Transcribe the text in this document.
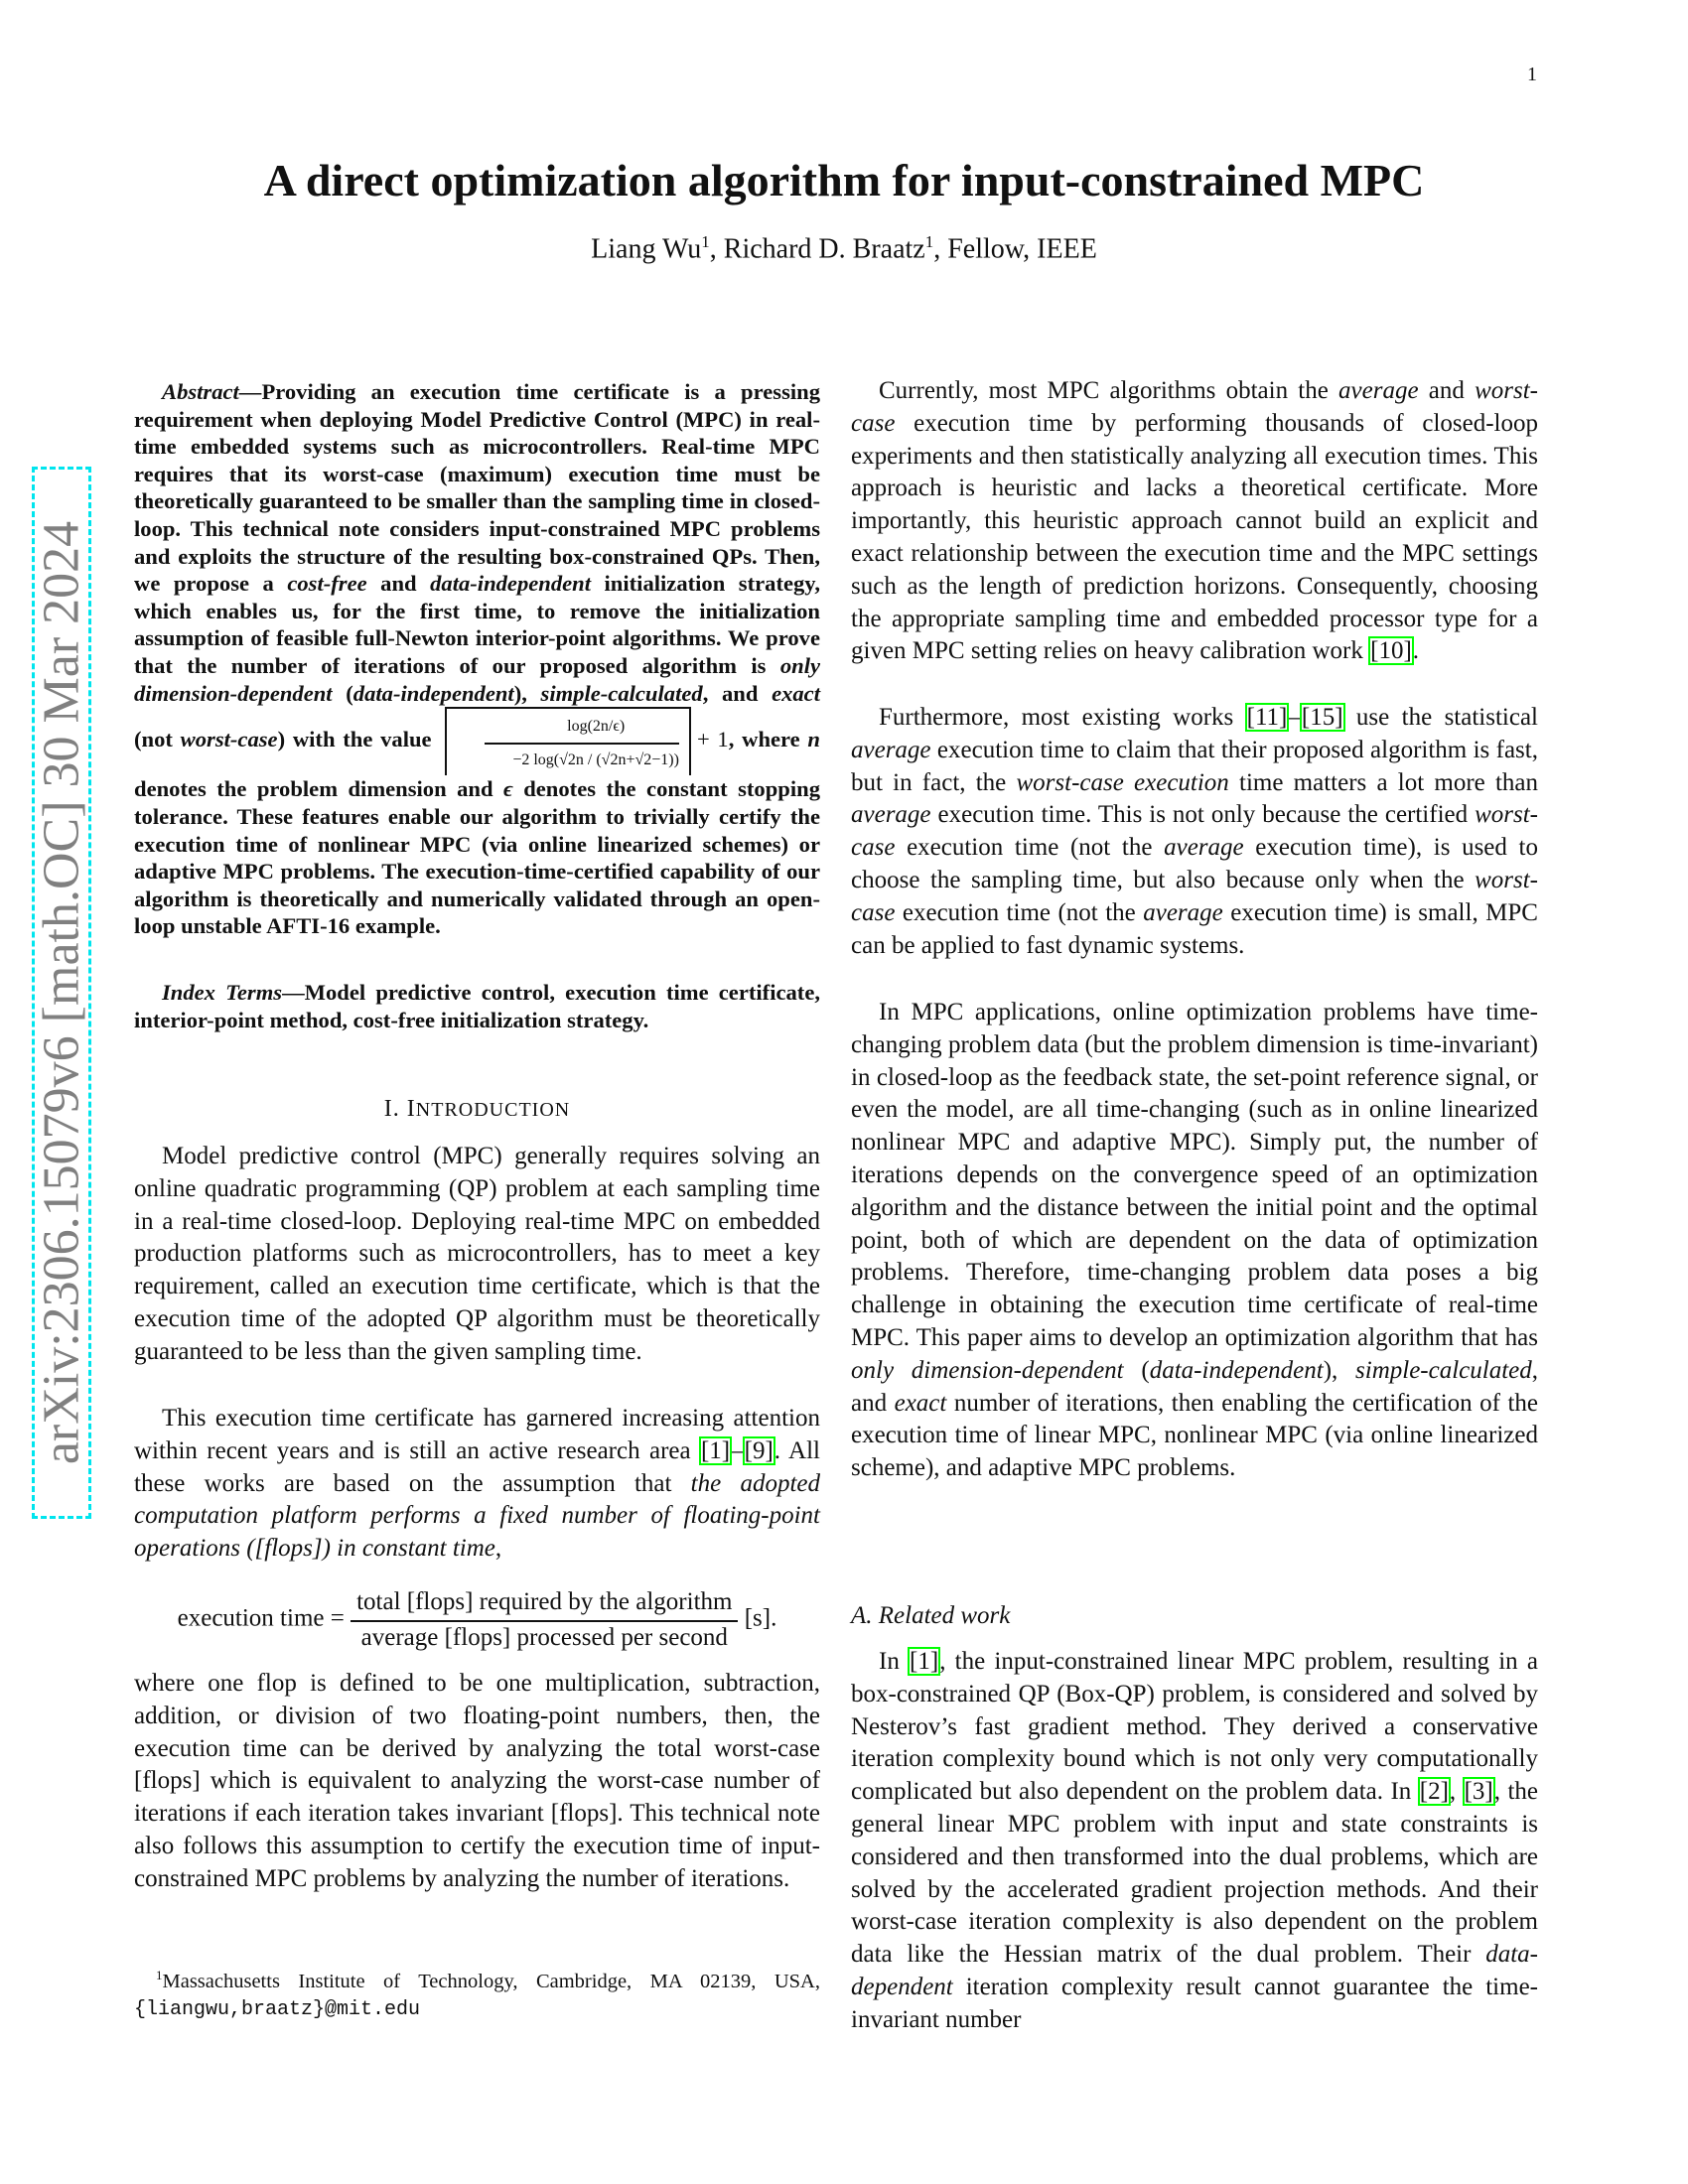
1
arXiv:2306.15079v6 [math.OC] 30 Mar 2024
A direct optimization algorithm for input-constrained MPC
Liang Wu$^1$, Richard D. Braatz$^1$, Fellow, IEEE
Abstract—Providing an execution time certificate is a pressing requirement when deploying Model Predictive Control (MPC) in real-time embedded systems such as microcontrollers. Real-time MPC requires that its worst-case (maximum) execution time must be theoretically guaranteed to be smaller than the sampling time in closed-loop. This technical note considers input-constrained MPC problems and exploits the structure of the resulting box-constrained QPs. Then, we propose a cost-free and data-independent initialization strategy, which enables us, for the first time, to remove the initialization assumption of feasible full-Newton interior-point algorithms. We prove that the number of iterations of our proposed algorithm is only dimension-dependent (data-independent), simple-calculated, and exact (not worst-case) with the value	$\frac{\log(2n/\epsilon)}{-2 \log(√2n / (√2n+√2-1))} + 1$, where n denotes the problem dimension and ϵ denotes the constant stopping tolerance. These features enable our algorithm to trivially certify the execution time of nonlinear MPC (via online linearized schemes) or adaptive MPC problems. The execution-time-certified capability of our algorithm is theoretically and numerically validated through an open-loop unstable AFTI-16 example.
Index Terms—Model predictive control, execution time certificate, interior-point method, cost-free initialization strategy.
I. INTRODUCTION
Model predictive control (MPC) generally requires solving an online quadratic programming (QP) problem at each sampling time in a real-time closed-loop. Deploying real-time MPC on embedded production platforms such as microcontrollers, has to meet a key requirement, called an execution time certificate, which is that the execution time of the adopted QP algorithm must be theoretically guaranteed to be less than the given sampling time.
This execution time certificate has garnered increasing attention within recent years and is still an active research area [1]–[9]. All these works are based on the assumption that the adopted computation platform performs a fixed number of floating-point operations ([flops]) in constant time,
execution time = $\frac{\text{total [flops] required by the algorithm}}{\text{average [flops] processed per second}} [s]$.
where one flop is defined to be one multiplication, subtraction, addition, or division of two floating-point numbers, then, the execution time can be derived by analyzing the total worst-case [flops] which is equivalent to analyzing the worst-case number of iterations if each iteration takes invariant [flops]. This technical note also follows this assumption to certify the execution time of input-constrained MPC problems by analyzing the number of iterations.
$^1$Massachusetts Institute of Technology, Cambridge, MA 02139, USA, {liangwu,braatz}@mit.edu
Currently, most MPC algorithms obtain the average and worst-case execution time by performing thousands of closed-loop experiments and then statistically analyzing all execution times. This approach is heuristic and lacks a theoretical certificate. More importantly, this heuristic approach cannot build an explicit and exact relationship between the execution time and the MPC settings such as the length of prediction horizons. Consequently, choosing the appropriate sampling time and embedded processor type for a given MPC setting relies on heavy calibration work [10].
Furthermore, most existing works [11]–[15] use the statistical average execution time to claim that their proposed algorithm is fast, but in fact, the worst-case execution time matters a lot more than average execution time. This is not only because the certified worst-case execution time (not the average execution time), is used to choose the sampling time, but also because only when the worst-case execution time (not the average execution time) is small, MPC can be applied to fast dynamic systems.
In MPC applications, online optimization problems have time-changing problem data (but the problem dimension is time-invariant) in closed-loop as the feedback state, the set-point reference signal, or even the model, are all time-changing (such as in online linearized nonlinear MPC and adaptive MPC). Simply put, the number of iterations depends on the convergence speed of an optimization algorithm and the distance between the initial point and the optimal point, both of which are dependent on the data of optimization problems. Therefore, time-changing problem data poses a big challenge in obtaining the execution time certificate of real-time MPC. This paper aims to develop an optimization algorithm that has only dimension-dependent (data-independent), simple-calculated, and exact number of iterations, then enabling the certification of the execution time of linear MPC, nonlinear MPC (via online linearized scheme), and adaptive MPC problems.
A. Related work
In [1], the input-constrained linear MPC problem, resulting in a box-constrained QP (Box-QP) problem, is considered and solved by Nesterov’s fast gradient method. They derived a conservative iteration complexity bound which is not only very computationally complicated but also dependent on the problem data. In [2], [3], the general linear MPC problem with input and state constraints is considered and then transformed into the dual problems, which are solved by the accelerated gradient projection methods. And their worst-case iteration complexity is also dependent on the problem data like the Hessian matrix of the dual problem. Their data-dependent iteration complexity result cannot guarantee the time-invariant number
